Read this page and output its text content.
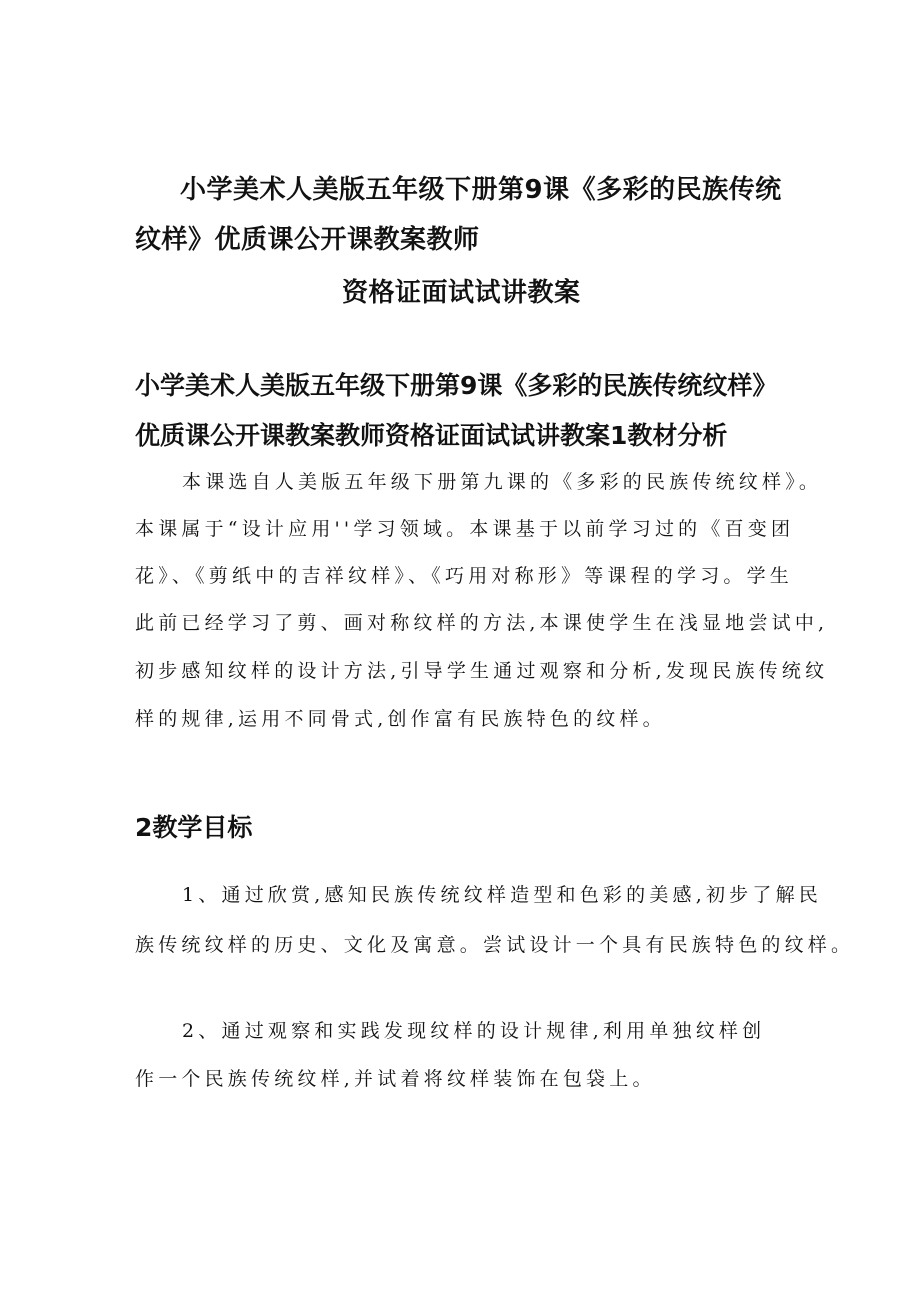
小学美术人美版五年级下册第9课《多彩的民族传统
纹样》优质课公开课教案教师
资格证面试试讲教案
小学美术人美版五年级下册第9课《多彩的民族传统纹样》
优质课公开课教案教师资格证面试试讲教案1教材分析
本课选自人美版五年级下册第九课的《多彩的民族传统纹样》。
本课属于“设计应用''学习领域。本课基于以前学习过的《百变团
花》、《剪纸中的吉祥纹样》、《巧用对称形》等课程的学习。学生
此前已经学习了剪、画对称纹样的方法,本课使学生在浅显地尝试中,
初步感知纹样的设计方法,引导学生通过观察和分析,发现民族传统纹
样的规律,运用不同骨式,创作富有民族特色的纹样。
2教学目标
1、通过欣赏,感知民族传统纹样造型和色彩的美感,初步了解民
族传统纹样的历史、文化及寓意。尝试设计一个具有民族特色的纹样。
2、通过观察和实践发现纹样的设计规律,利用单独纹样创
作一个民族传统纹样,并试着将纹样装饰在包袋上。
